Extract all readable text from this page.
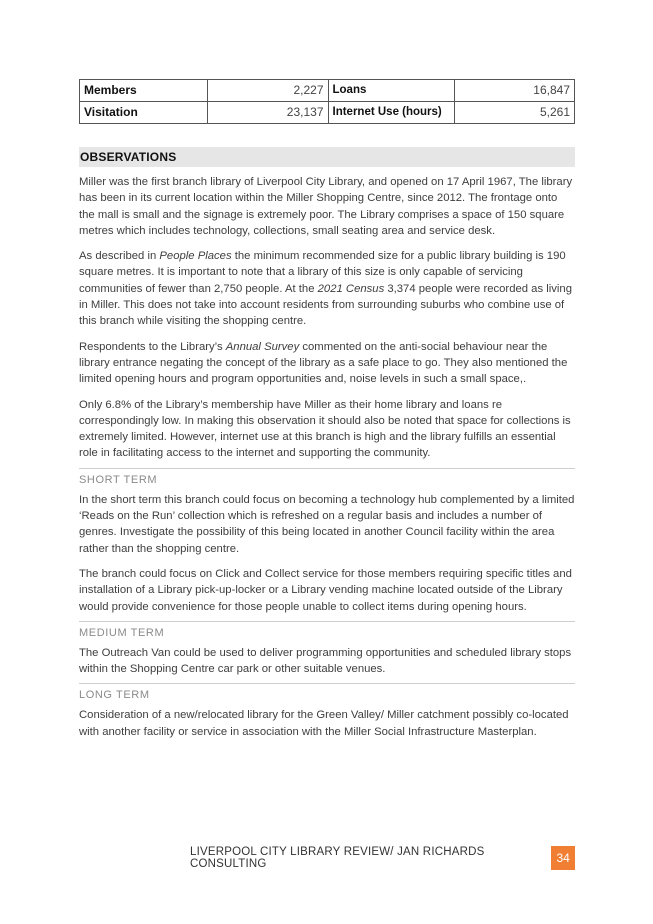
Members	2,227	Loans	16,847
Visitation	23,137	Internet Use (hours)	5,261
OBSERVATIONS

Miller was the first branch library of Liverpool City Library, and opened on 17 April 1967, The library has been in its current location within the Miller Shopping Centre, since 2012. The frontage onto the mall is small and the signage is extremely poor. The Library comprises a space of 150 square metres which includes technology, collections, small seating area and service desk.

As described in People Places the minimum recommended size for a public library building is 190 square metres. It is important to note that a library of this size is only capable of servicing communities of fewer than 2,750 people. At the 2021 Census 3,374 people were recorded as living in Miller. This does not take into account residents from surrounding suburbs who combine use of this branch while visiting the shopping centre.

Respondents to the Library’s Annual Survey commented on the anti-social behaviour near the library entrance negating the concept of the library as a safe place to go. They also mentioned the limited opening hours and program opportunities and, noise levels in such a small space,.

Only 6.8% of the Library’s membership have Miller as their home library and loans re correspondingly low. In making this observation it should also be noted that space for collections is extremely limited. However, internet use at this branch is high and the library fulfills an essential role in facilitating access to the internet and supporting the community.

SHORT TERM

In the short term this branch could focus on becoming a technology hub complemented by a limited ‘Reads on the Run’ collection which is refreshed on a regular basis and includes a number of genres. Investigate the possibility of this being located in another Council facility within the area rather than the shopping centre.

The branch could focus on Click and Collect service for those members requiring specific titles and installation of a Library pick-up-locker or a Library vending machine located outside of the Library would provide convenience for those people unable to collect items during opening hours.

MEDIUM TERM

The Outreach Van could be used to deliver programming opportunities and scheduled library stops within the Shopping Centre car park or other suitable venues.

LONG TERM

Consideration of a new/relocated library for the Green Valley/ Miller catchment possibly co-located with another facility or service in association with the Miller Social Infrastructure Masterplan.

LIVERPOOL CITY LIBRARY REVIEW/ JAN RICHARDS CONSULTING	34
